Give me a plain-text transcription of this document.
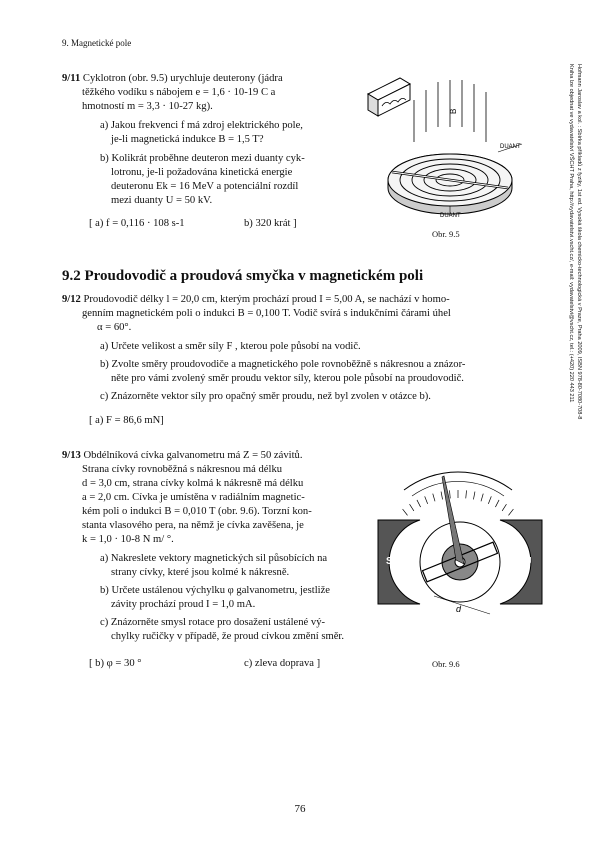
9. Magnetické pole
9/11 Cyklotron (obr. 9.5) urychluje deuterony (jádra
těžkého vodíku s nábojem e = 1,6 · 10-19 C a
hmotností m = 3,3 · 10-27 kg).
a) Jakou frekvenci f má zdroj elektrického pole,
je-li magnetická indukce B = 1,5 T?
b) Kolikrát proběhne deuteron mezi duanty cyk-
lotronu, je-li požadována kinetická energie
deuteronu Ek = 16 MeV a potenciální rozdíl
mezi duanty U = 50 kV.
[ a) f = 0,116 · 108 s-1	b) 320 krát ]
B
DUANT
DUANT
Obr. 9.5
9.2 Proudovodič a proudová smyčka v magnetickém poli
9/12 Proudovodič délky l = 20,0 cm, kterým prochází proud I = 5,00 A, se nachází v homo-
genním magnetickém poli o indukci B = 0,100 T. Vodič svírá s indukčními čárami úhel
α = 60°.
a) Určete velikost a směr síly F , kterou pole působí na vodič.
b) Zvolte směry proudovodiče a magnetického pole rovnoběžně s nákresnou a znázor-
něte pro vámi zvolený směr proudu vektor síly, kterou pole působí na proudovodič.
c) Znázorněte vektor síly pro opačný směr proudu, než byl zvolen v otázce b).
[ a) F = 86,6 mN]
9/13 Obdélníková cívka galvanometru má Z = 50 závitů.
Strana cívky rovnoběžná s nákresnou má délku
d = 3,0 cm, strana cívky kolmá k nákresně má délku
a = 2,0 cm. Cívka je umístěna v radiálním magnetic-
kém poli o indukci B = 0,010 T (obr. 9.6). Torzní kon-
stanta vlasového pera, na němž je cívka zavěšena, je
k = 1,0 · 10-8 N m/ °.
a) Nakreslete vektory magnetických sil působících na
strany cívky, které jsou kolmé k nákresně.
b) Určete ustálenou výchylku φ galvanometru, jestliže
závity prochází proud I = 1,0 mA.
c) Znázorněte smysl rotace pro dosažení ustálené vý-
chylky ručičky v případě, že proud cívkou změní směr.
[ b) φ = 30 °	c) zleva doprava ]
S	J
d
Obr. 9.6
Hofmann Jaroslav a kol. : Sbírka příkladů z fyziky, 1st ed. Vysoká škola chemicko-technologická v Praze, Praha 2009, ISBN 978-80-7080-708-8
Kniha lze objednat ve vydavatelství VŠCHT Praha, http://vydavatelstvi.vscht.cz/, e-mail: vydavatelstvi@vscht.cz, tel.: (+420) 220 443 211
76
